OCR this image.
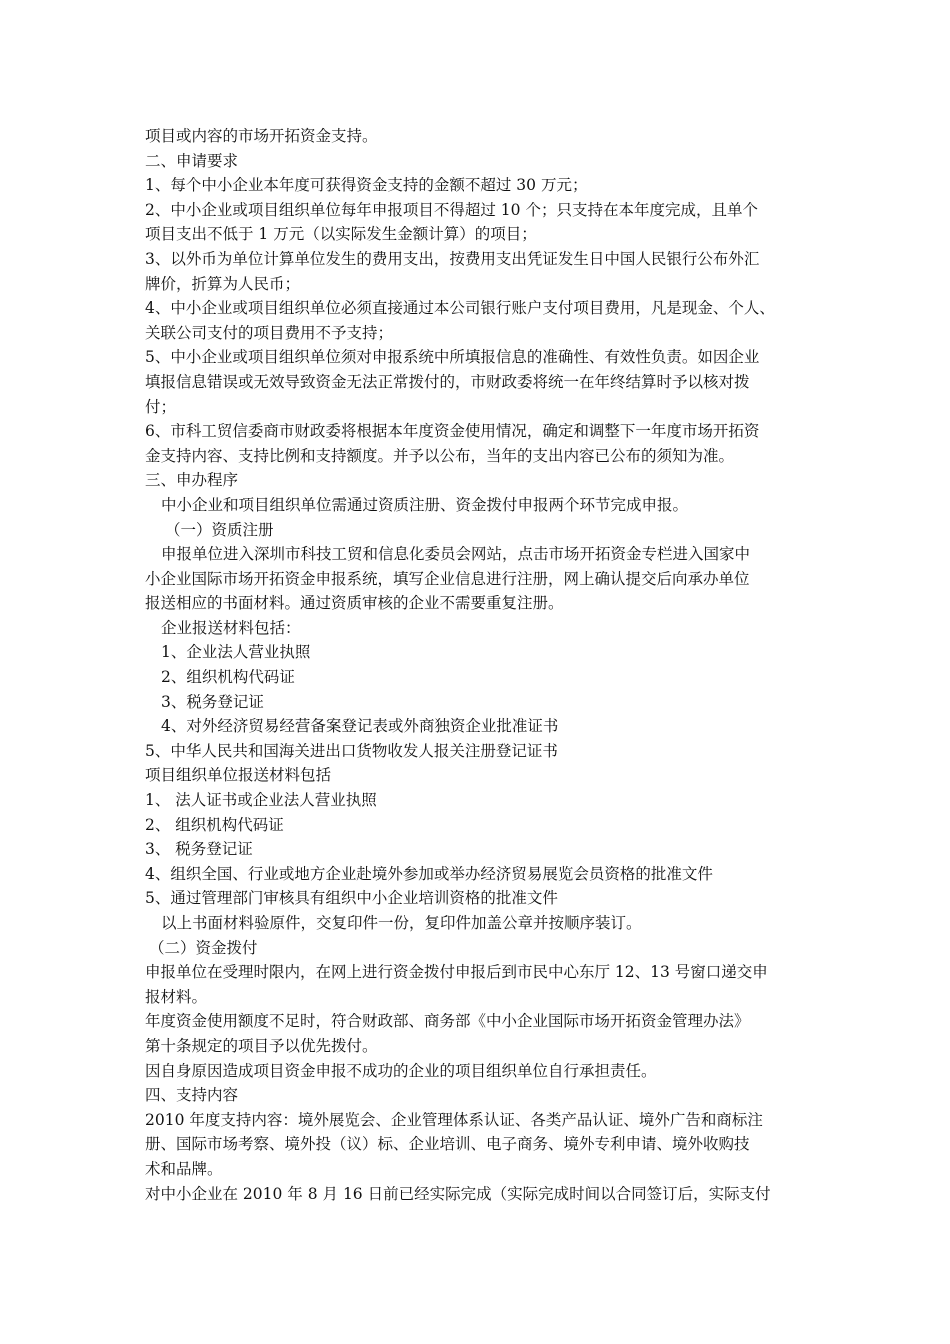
项目或内容的市场开拓资金支持。
二、申请要求
1、每个中小企业本年度可获得资金支持的金额不超过 30 万元；
2、中小企业或项目组织单位每年申报项目不得超过 10 个；只支持在本年度完成，且单个
项目支出不低于 1 万元（以实际发生金额计算）的项目；
3、以外币为单位计算单位发生的费用支出，按费用支出凭证发生日中国人民银行公布外汇
牌价，折算为人民币；
4、中小企业或项目组织单位必须直接通过本公司银行账户支付项目费用，凡是现金、个人、
关联公司支付的项目费用不予支持；
5、中小企业或项目组织单位须对申报系统中所填报信息的准确性、有效性负责。如因企业
填报信息错误或无效导致资金无法正常拨付的，市财政委将统一在年终结算时予以核对拨
付；
6、市科工贸信委商市财政委将根据本年度资金使用情况，确定和调整下一年度市场开拓资
金支持内容、支持比例和支持额度。并予以公布，当年的支出内容已公布的须知为准。
三、申办程序
中小企业和项目组织单位需通过资质注册、资金拨付申报两个环节完成申报。
（一）资质注册
申报单位进入深圳市科技工贸和信息化委员会网站，点击市场开拓资金专栏进入国家中
小企业国际市场开拓资金申报系统，填写企业信息进行注册，网上确认提交后向承办单位
报送相应的书面材料。通过资质审核的企业不需要重复注册。
企业报送材料包括：
1、企业法人营业执照
2、组织机构代码证
3、税务登记证
4、对外经济贸易经营备案登记表或外商独资企业批准证书
5、中华人民共和国海关进出口货物收发人报关注册登记证书
项目组织单位报送材料包括
1、 法人证书或企业法人营业执照
2、 组织机构代码证
3、 税务登记证
4、组织全国、行业或地方企业赴境外参加或举办经济贸易展览会员资格的批准文件
5、通过管理部门审核具有组织中小企业培训资格的批准文件
以上书面材料验原件，交复印件一份，复印件加盖公章并按顺序装订。
（二）资金拨付
申报单位在受理时限内，在网上进行资金拨付申报后到市民中心东厅 12、13 号窗口递交申
报材料。
年度资金使用额度不足时，符合财政部、商务部《中小企业国际市场开拓资金管理办法》
第十条规定的项目予以优先拨付。
因自身原因造成项目资金申报不成功的企业的项目组织单位自行承担责任。
四、支持内容
2010 年度支持内容：境外展览会、企业管理体系认证、各类产品认证、境外广告和商标注
册、国际市场考察、境外投（议）标、企业培训、电子商务、境外专利申请、境外收购技
术和品牌。
对中小企业在 2010 年 8 月 16 日前已经实际完成（实际完成时间以合同签订后，实际支付
